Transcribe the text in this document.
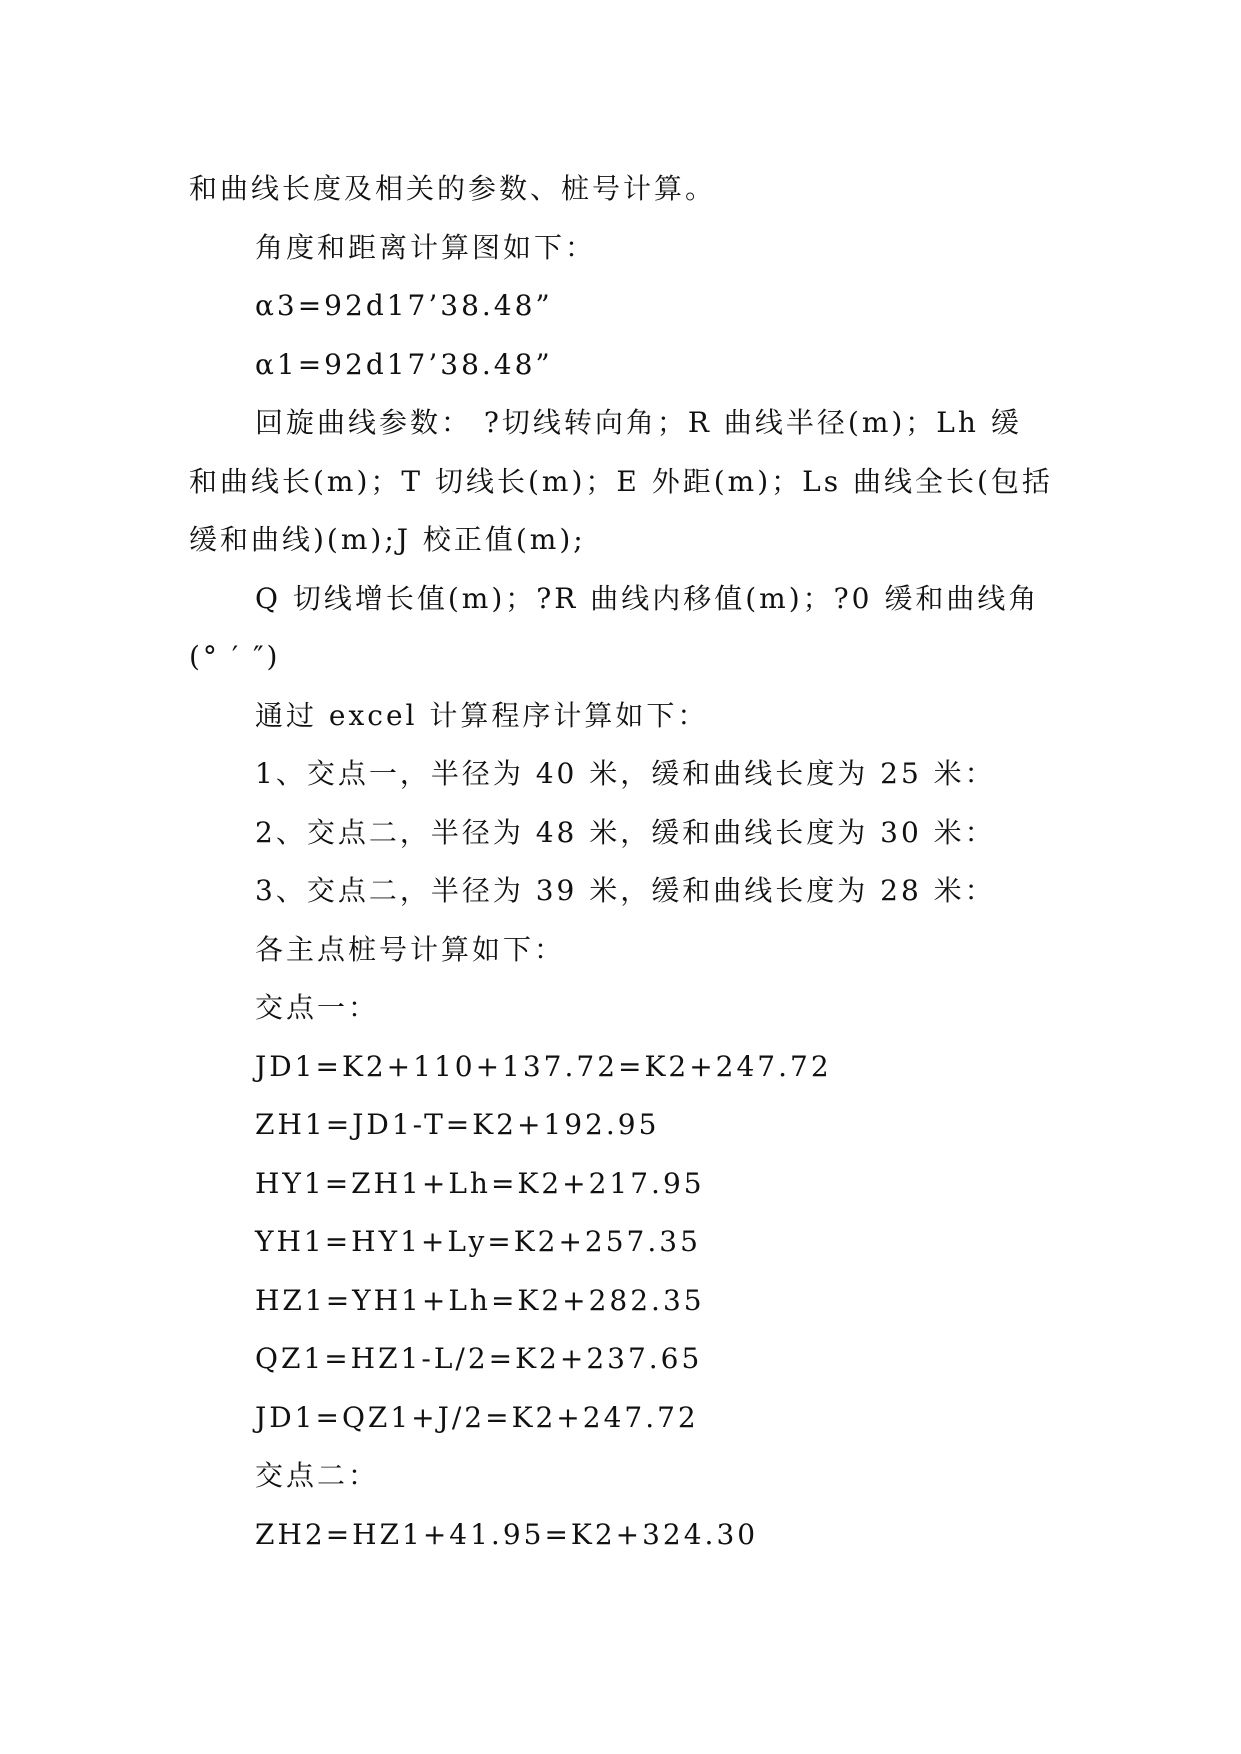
和曲线长度及相关的参数、桩号计算。
角度和距离计算图如下：
α3=92d17’38.48”
α1=92d17’38.48”
回旋曲线参数： ?切线转向角；R 曲线半径(m)；Lh 缓
和曲线长(m)；T 切线长(m)；E 外距(m)；Ls 曲线全长(包括
缓和曲线)(m);J 校正值(m);
Q 切线增长值(m)；?R 曲线内移值(m)；?0 缓和曲线角
(° ′ ″)
通过 excel 计算程序计算如下：
1、交点一，半径为 40 米，缓和曲线长度为 25 米：
2、交点二，半径为 48 米，缓和曲线长度为 30 米：
3、交点二，半径为 39 米，缓和曲线长度为 28 米：
各主点桩号计算如下：
交点一：
JD1=K2+110+137.72=K2+247.72
ZH1=JD1-T=K2+192.95
HY1=ZH1+Lh=K2+217.95
YH1=HY1+Ly=K2+257.35
HZ1=YH1+Lh=K2+282.35
QZ1=HZ1-L/2=K2+237.65
JD1=QZ1+J/2=K2+247.72
交点二：
ZH2=HZ1+41.95=K2+324.30
